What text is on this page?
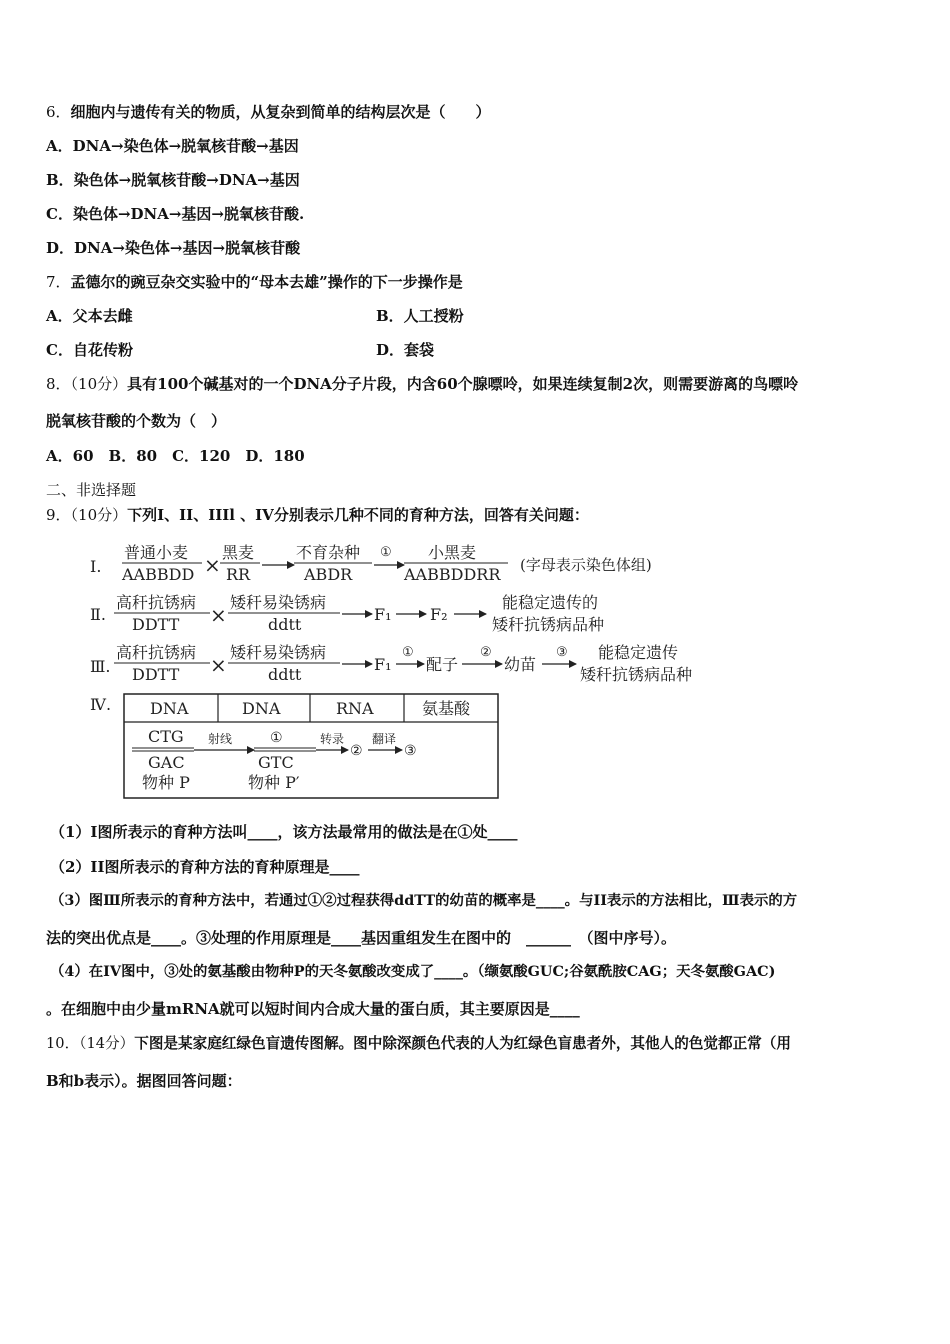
6．细胞内与遗传有关的物质，从复杂到简单的结构层次是（　　）
A．DNA→染色体→脱氧核苷酸→基因
B．染色体→脱氧核苷酸→DNA→基因
C．染色体→DNA→基因→脱氧核苷酸.
D．DNA→染色体→基因→脱氧核苷酸
7．孟德尔的豌豆杂交实验中的“母本去雄”操作的下一步操作是
A．父本去雌	B．人工授粉
C．自花传粉	D．套袋
8．（10分）具有100个碱基对的一个DNA分子片段，内含60个腺嘌呤，如果连续复制2次，则需要游离的鸟嘌呤
脱氧核苷酸的个数为（　）
A．60　B．80　C．120　D．180
二、非选择题
9．（10分）下列I、II、IIIl 、IV分别表示几种不同的育种方法，回答有关问题：
Ⅰ.
普通小麦
AABBDD ×
黑麦
RR
不育杂种
ABDR
① 小黑麦
AABBDDRR (字母表示染色体组)
Ⅱ.
高秆抗锈病
DDTT ×
矮秆易染锈病
ddtt
F₁ F₂
能稳定遗传的
矮秆抗锈病品种
Ⅲ.
高秆抗锈病
DDTT ×
矮秆易染锈病
ddtt
F₁
①
配子
②
幼苗
③ 能稳定遗传
矮秆抗锈病品种
Ⅳ. DNA	DNA	RNA	氨基酸
CTG
GAC
物种 P
射线	①
GTC
物种 P′
转录
②
翻译
③
（1）I图所表示的育种方法叫____，该方法最常用的做法是在①处____
（2）II图所表示的育种方法的育种原理是____
（3）图Ⅲ所表示的育种方法中，若通过①②过程获得ddTT的幼苗的概率是____。与II表示的方法相比，Ⅲ表示的方
法的突出优点是____。③处理的作用原理是____基因重组发生在图中的　______　（图中序号）。
（4）在IV图中，③处的氨基酸由物种P的天冬氨酸改变成了____。（缬氨酸GUC;谷氨酰胺CAG；天冬氨酸GAC)
。在细胞中由少量mRNA就可以短时间内合成大量的蛋白质，其主要原因是____
10．（14分）下图是某家庭红绿色盲遗传图解。图中除深颜色代表的人为红绿色盲患者外，其他人的色觉都正常（用
B和b表示）。据图回答问题：
